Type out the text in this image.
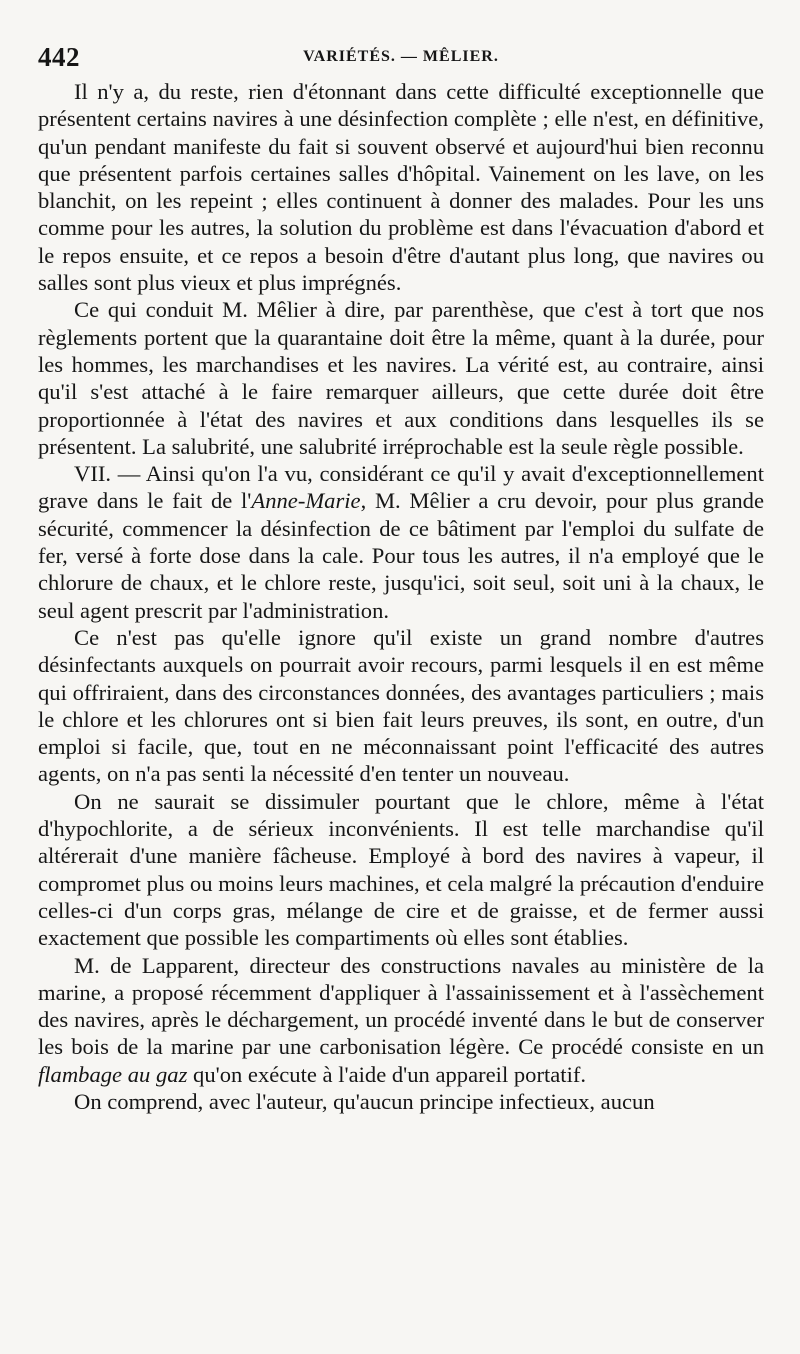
442	VARIÉTÉS. — MÊLIER.

Il n'y a, du reste, rien d'étonnant dans cette difficulté exceptionnelle que présentent certains navires à une désinfection complète ; elle n'est, en définitive, qu'un pendant manifeste du fait si souvent observé et aujourd'hui bien reconnu que présentent parfois certaines salles d'hôpital. Vainement on les lave, on les blanchit, on les repeint ; elles continuent à donner des malades. Pour les uns comme pour les autres, la solution du problème est dans l'évacuation d'abord et le repos ensuite, et ce repos a besoin d'être d'autant plus long, que navires ou salles sont plus vieux et plus imprégnés.

Ce qui conduit M. Mêlier à dire, par parenthèse, que c'est à tort que nos règlements portent que la quarantaine doit être la même, quant à la durée, pour les hommes, les marchandises et les navires. La vérité est, au contraire, ainsi qu'il s'est attaché à le faire remarquer ailleurs, que cette durée doit être proportionnée à l'état des navires et aux conditions dans lesquelles ils se présentent. La salubrité, une salubrité irréprochable est la seule règle possible.

VII. — Ainsi qu'on l'a vu, considérant ce qu'il y avait d'exceptionnellement grave dans le fait de l'Anne-Marie, M. Mêlier a cru devoir, pour plus grande sécurité, commencer la désinfection de ce bâtiment par l'emploi du sulfate de fer, versé à forte dose dans la cale. Pour tous les autres, il n'a employé que le chlorure de chaux, et le chlore reste, jusqu'ici, soit seul, soit uni à la chaux, le seul agent prescrit par l'administration.

Ce n'est pas qu'elle ignore qu'il existe un grand nombre d'autres désinfectants auxquels on pourrait avoir recours, parmi lesquels il en est même qui offriraient, dans des circonstances données, des avantages particuliers ; mais le chlore et les chlorures ont si bien fait leurs preuves, ils sont, en outre, d'un emploi si facile, que, tout en ne méconnaissant point l'efficacité des autres agents, on n'a pas senti la nécessité d'en tenter un nouveau.

On ne saurait se dissimuler pourtant que le chlore, même à l'état d'hypochlorite, a de sérieux inconvénients. Il est telle marchandise qu'il altérerait d'une manière fâcheuse. Employé à bord des navires à vapeur, il compromet plus ou moins leurs machines, et cela malgré la précaution d'enduire celles-ci d'un corps gras, mélange de cire et de graisse, et de fermer aussi exactement que possible les compartiments où elles sont établies.

M. de Lapparent, directeur des constructions navales au ministère de la marine, a proposé récemment d'appliquer à l'assainissement et à l'assèchement des navires, après le déchargement, un procédé inventé dans le but de conserver les bois de la marine par une carbonisation légère. Ce procédé consiste en un flambage au gaz qu'on exécute à l'aide d'un appareil portatif.

On comprend, avec l'auteur, qu'aucun principe infectieux, aucun
